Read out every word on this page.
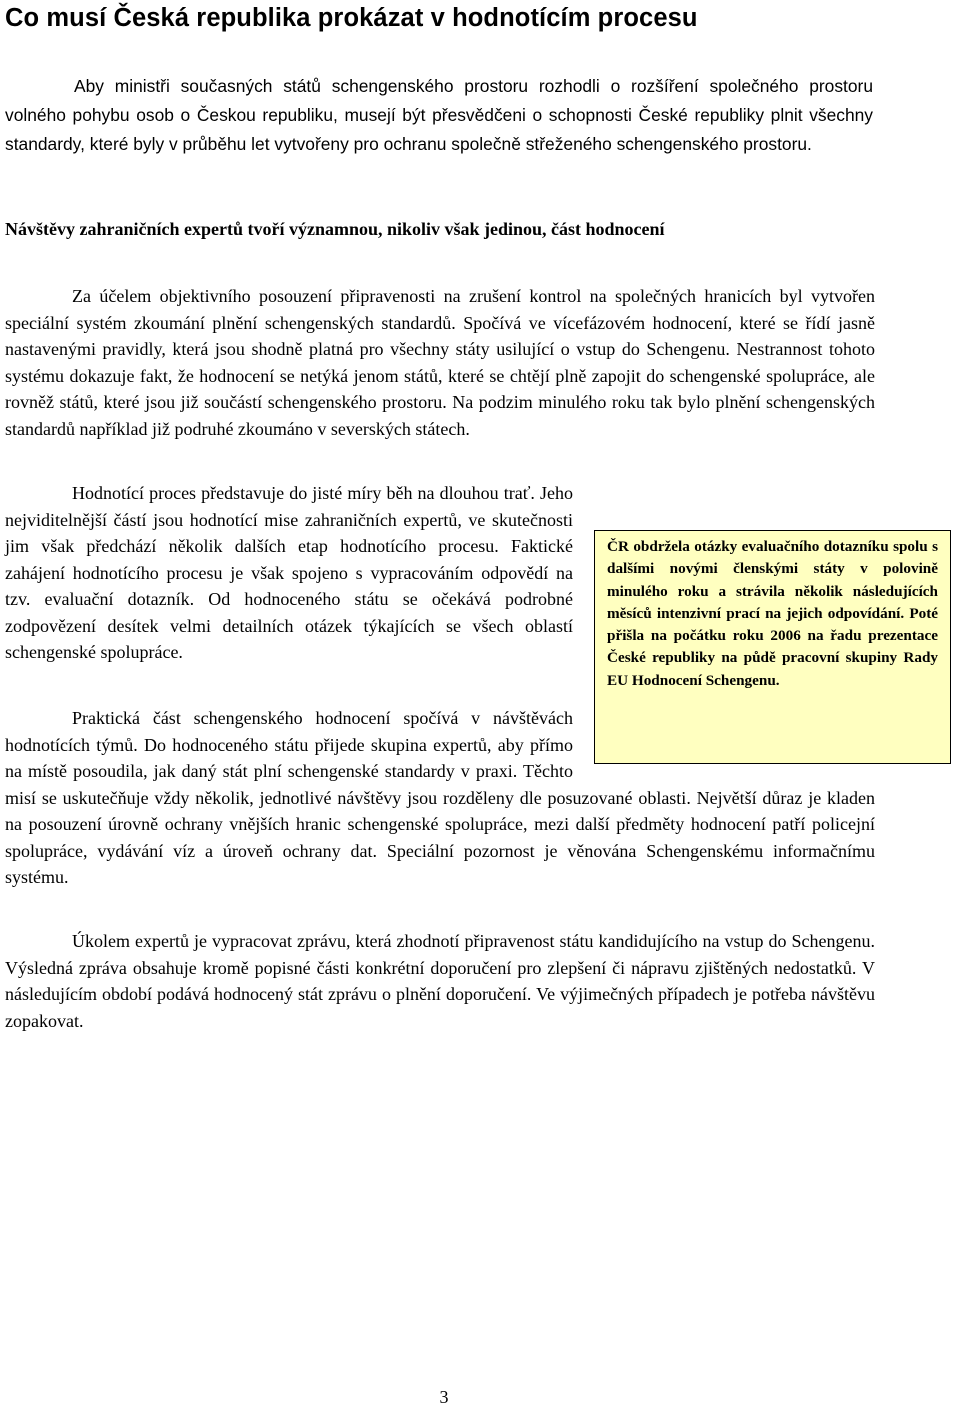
Co musí Česká republika prokázat v hodnotícím procesu

Aby ministři současných států schengenského prostoru rozhodli o rozšíření společného prostoru volného pohybu osob o Českou republiku, musejí být přesvědčeni o schopnosti České republiky plnit všechny standardy, které byly v průběhu let vytvořeny pro ochranu společně střeženého schengenského prostoru.

Návštěvy zahraničních expertů tvoří významnou, nikoliv však jedinou, část hodnocení

Za účelem objektivního posouzení připravenosti na zrušení kontrol na společných hranicích byl vytvořen speciální systém zkoumání plnění schengenských standardů. Spočívá ve vícefázovém hodnocení, které se řídí jasně nastavenými pravidly, která jsou shodně platná pro všechny státy usilující o vstup do Schengenu. Nestrannost tohoto systému dokazuje fakt, že hodnocení se netýká jenom států, které se chtějí plně zapojit do schengenské spolupráce, ale rovněž států, které jsou již součástí schengenského prostoru. Na podzim minulého roku tak bylo plnění schengenských standardů například již podruhé zkoumáno v severských státech.

Hodnotící proces představuje do jisté míry běh na dlouhou trať. Jeho nejviditelnější částí jsou hodnotící mise zahraničních expertů, ve skutečnosti jim však předchází několik dalších etap hodnotícího procesu. Faktické zahájení hodnotícího procesu je však spojeno s vypracováním odpovědí na tzv. evaluační dotazník. Od hodnoceného státu se očekává podrobné zodpovězení desítek velmi detailních otázek týkajících se všech oblastí schengenské spolupráce.
Praktická část schengenského hodnocení spočívá v návštěvách hodnotících týmů. Do hodnoceného státu přijede skupina expertů, aby přímo na místě posoudila, jak daný stát plní schengenské standardy v praxi. Těchto misí se uskutečňuje vždy několik, jednotlivé návštěvy jsou rozděleny dle posuzované oblasti. Největší důraz je kladen na posouzení úrovně ochrany vnějších hranic schengenské spolupráce, mezi další předměty hodnocení patří policejní spolupráce, vydávání víz a úroveň ochrany dat. Speciální pozornost je věnována Schengenskému informačnímu systému.

Úkolem expertů je vypracovat zprávu, která zhodnotí připravenost státu kandidujícího na vstup do Schengenu. Výsledná zpráva obsahuje kromě popisné části konkrétní doporučení pro zlepšení či nápravu zjištěných nedostatků. V následujícím období podává hodnocený stát zprávu o plnění doporučení. Ve výjimečných případech je potřeba návštěvu zopakovat.

3
ČR obdržela otázky evaluačního dotazníku spolu s dalšími novými členskými státy v polovině minulého roku a strávila několik následujících měsíců intenzivní prací na jejich odpovídání. Poté přišla na počátku roku 2006 na řadu prezentace České republiky na půdě pracovní skupiny Rady EU Hodnocení Schengenu.
